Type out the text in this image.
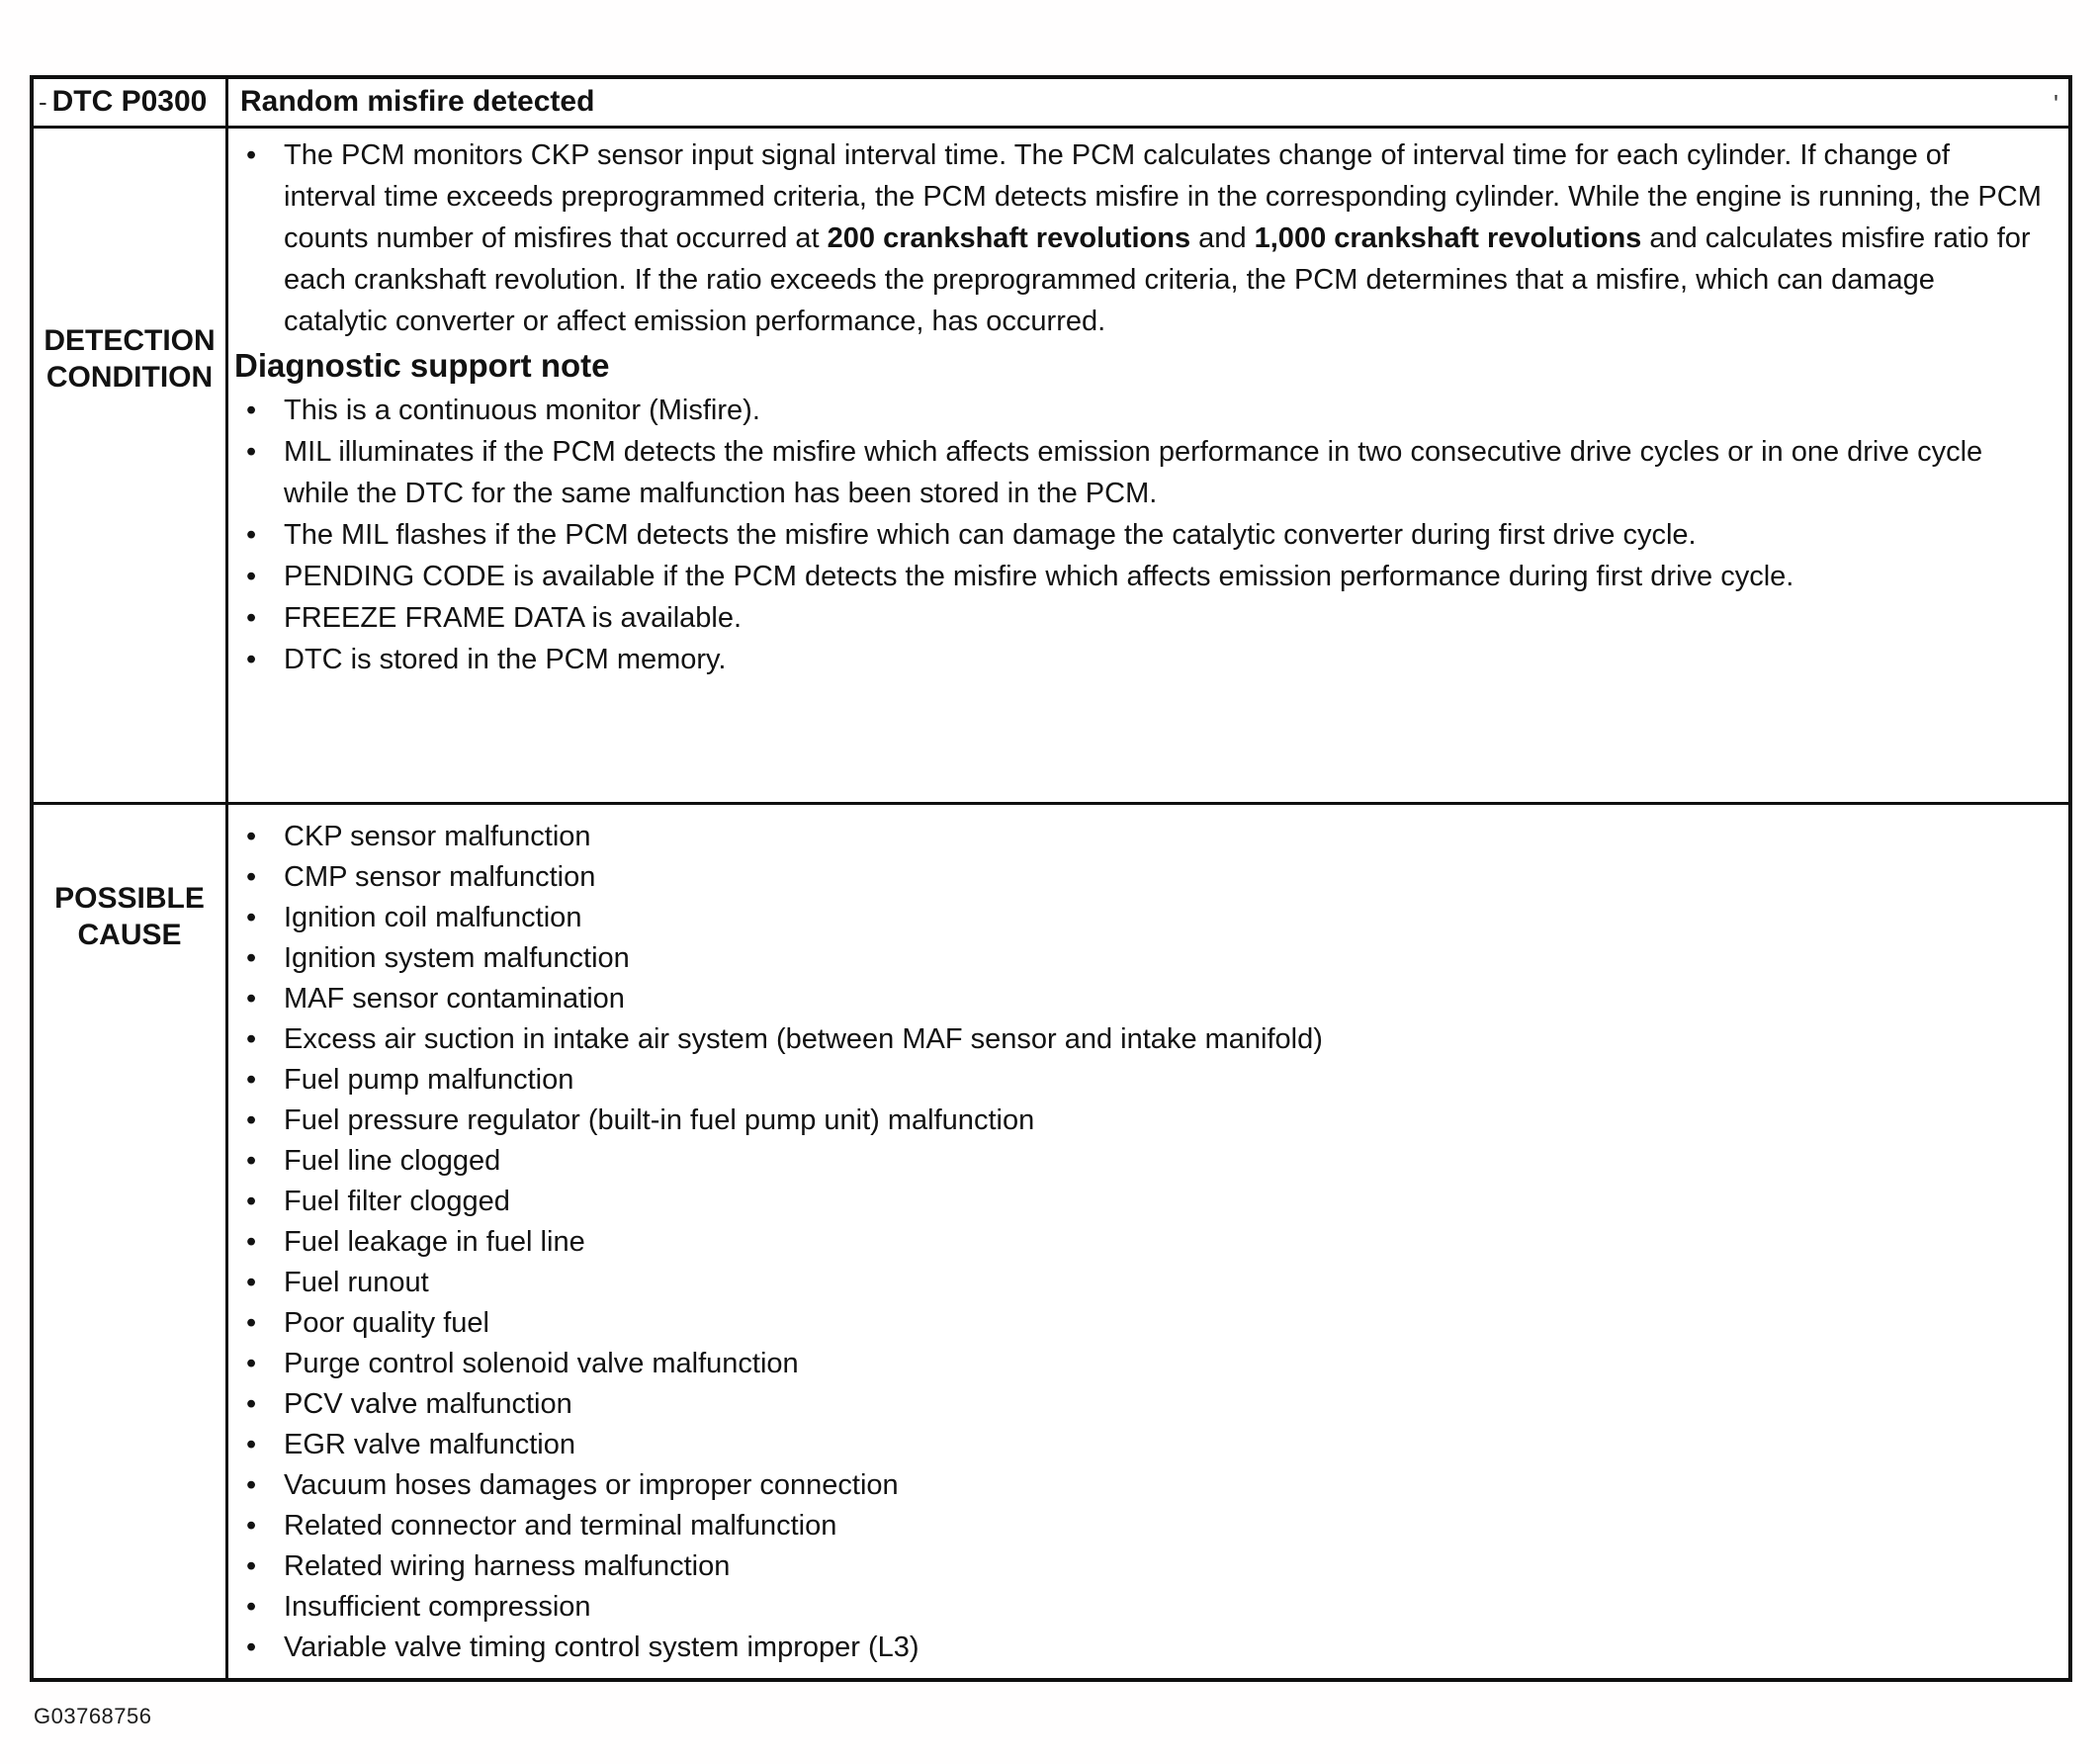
- DTC P0300	Random misfire detected	'
DETECTION
CONDITION
• The PCM monitors CKP sensor input signal interval time. The PCM calculates change of interval time for each cylinder. If change of interval time exceeds preprogrammed criteria, the PCM detects misfire in the corresponding cylinder. While the engine is running, the PCM counts number of misfires that occurred at 200 crankshaft revolutions and 1,000 crankshaft revolutions and calculates misfire ratio for each crankshaft revolution. If the ratio exceeds the preprogrammed criteria, the PCM determines that a misfire, which can damage catalytic converter or affect emission performance, has occurred.
Diagnostic support note
• This is a continuous monitor (Misfire).
• MIL illuminates if the PCM detects the misfire which affects emission performance in two consecutive drive cycles or in one drive cycle while the DTC for the same malfunction has been stored in the PCM.
• The MIL flashes if the PCM detects the misfire which can damage the catalytic converter during first drive cycle.
• PENDING CODE is available if the PCM detects the misfire which affects emission performance during first drive cycle.
• FREEZE FRAME DATA is available.
• DTC is stored in the PCM memory.
POSSIBLE
CAUSE
• CKP sensor malfunction
• CMP sensor malfunction
• Ignition coil malfunction
• Ignition system malfunction
• MAF sensor contamination
• Excess air suction in intake air system (between MAF sensor and intake manifold)
• Fuel pump malfunction
• Fuel pressure regulator (built-in fuel pump unit) malfunction
• Fuel line clogged
• Fuel filter clogged
• Fuel leakage in fuel line
• Fuel runout
• Poor quality fuel
• Purge control solenoid valve malfunction
• PCV valve malfunction
• EGR valve malfunction
• Vacuum hoses damages or improper connection
• Related connector and terminal malfunction
• Related wiring harness malfunction
• Insufficient compression
• Variable valve timing control system improper (L3)
G03768756
